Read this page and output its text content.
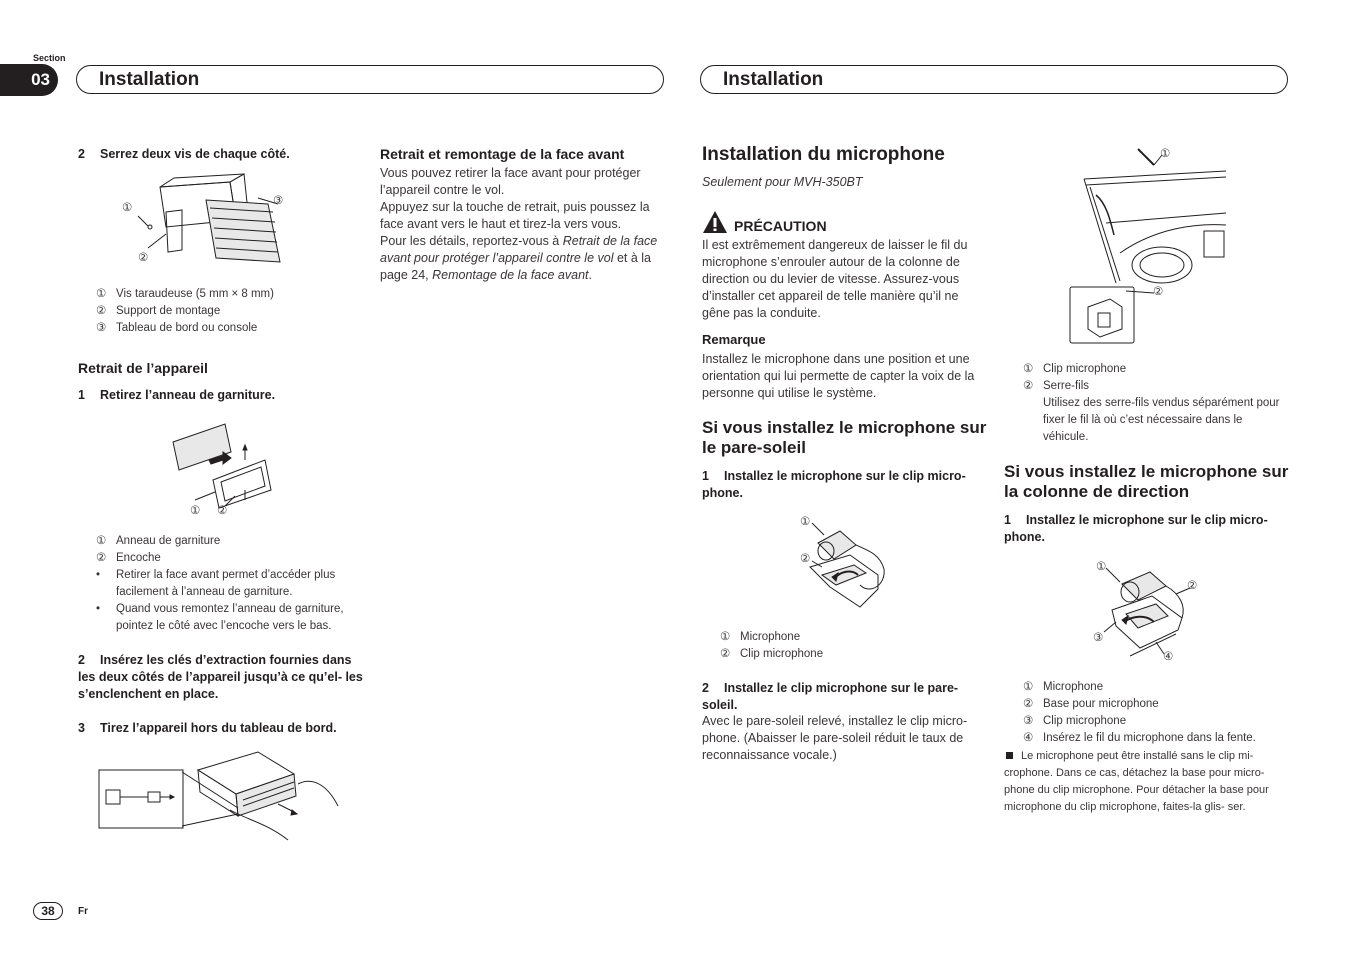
Section
03	Installation	Installation
2 Serrez deux vis de chaque côté.
①
②
③
① Vis taraudeuse (5 mm × 8 mm)
② Support de montage
③ Tableau de bord ou console
Retrait de l’appareil
1 Retirez l’anneau de garniture.
① ②
① Anneau de garniture
② Encoche
•	Retirer la face avant permet d’accéder plus facilement à l’anneau de garniture.
•	Quand vous remontez l’anneau de garniture, pointez le côté avec l’encoche vers le bas.
2 Insérez les clés d’extraction fournies dans les deux côtés de l’appareil jusqu’à ce qu’el- les s’enclenchent en place.
3 Tirez l’appareil hors du tableau de bord.
Retrait et remontage de la face avant
Vous pouvez retirer la face avant pour protéger l’appareil contre le vol.
Appuyez sur la touche de retrait, puis poussez la face avant vers le haut et tirez-la vers vous.
Pour les détails, reportez-vous à Retrait de la face avant pour protéger l’appareil contre le vol et à la page 24, Remontage de la face avant.
Installation du microphone
Seulement pour MVH-350BT
PRÉCAUTION
Il est extrêmement dangereux de laisser le fil du microphone s’enrouler autour de la colonne de direction ou du levier de vitesse. Assurez-vous d’installer cet appareil de telle manière qu’il ne gêne pas la conduite.
Remarque
Installez le microphone dans une position et une orientation qui lui permette de capter la voix de la personne qui utilise le système.
Si vous installez le microphone sur le pare-soleil
1 Installez le microphone sur le clip micro- phone.
①
②
① Microphone
② Clip microphone
2 Installez le clip microphone sur le pare- soleil.
Avec le pare-soleil relevé, installez le clip micro- phone. (Abaisser le pare-soleil réduit le taux de reconnaissance vocale.)
①
②
① Clip microphone
② Serre-fils
Utilisez des serre-fils vendus séparément pour fixer le fil là où c’est nécessaire dans le véhicule.
Si vous installez le microphone sur la colonne de direction
1 Installez le microphone sur le clip micro- phone.
①
②
③
④
① Microphone
② Base pour microphone
③ Clip microphone
④ Insérez le fil du microphone dans la fente.
Le microphone peut être installé sans le clip mi- crophone. Dans ce cas, détachez la base pour micro- phone du clip microphone. Pour détacher la base pour microphone du clip microphone, faites-la glis- ser.
38	Fr
